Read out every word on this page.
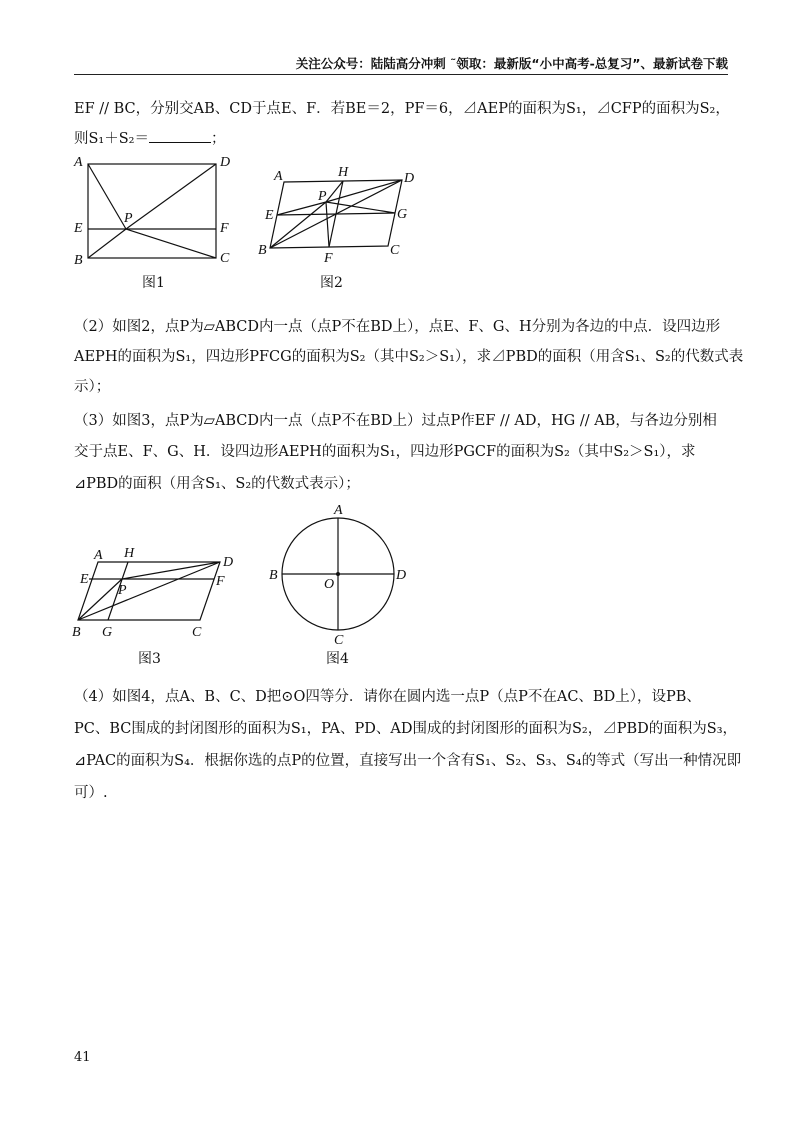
关注公众号：陆陆高分冲刺 ˜领取：最新版“小中高考-总复习”、最新试卷下载
EF // BC，分别交AB、CD于点E、F．若BE＝2，PF＝6，⊿AEP的面积为S₁，⊿CFP的面积为S₂，
则S₁＋S₂＝	；
A	D
P
E	F
B	C
图1
A	H	D
P
E	G
B
F
C
图2
（2）如图2，点P为▱ABCD内一点（点P不在BD上），点E、F、G、H分别为各边的中点．设四边形
AEPH的面积为S₁，四边形PFCG的面积为S₂（其中S₂＞S₁），求⊿PBD的面积（用含S₁、S₂的代数式表
示）；
（3）如图3，点P为▱ABCD内一点（点P不在BD上）过点P作EF // AD，HG // AB，与各边分别相
交于点E、F、G、H．设四边形AEPH的面积为S₁，四边形PGCF的面积为S₂（其中S₂＞S₁），求
⊿PBD的面积（用含S₁、S₂的代数式表示）；
A H
D
E	F
P
B G	C
图3
A
B
O
D
C
图4
（4）如图4，点A、B、C、D把⊙O四等分．请你在圆内选一点P（点P不在AC、BD上），设PB、
PC、BC围成的封闭图形的面积为S₁，PA、PD、AD围成的封闭图形的面积为S₂，⊿PBD的面积为S₃，
⊿PAC的面积为S₄．根据你选的点P的位置，直接写出一个含有S₁、S₂、S₃、S₄的等式（写出一种情况即
可）.
41
